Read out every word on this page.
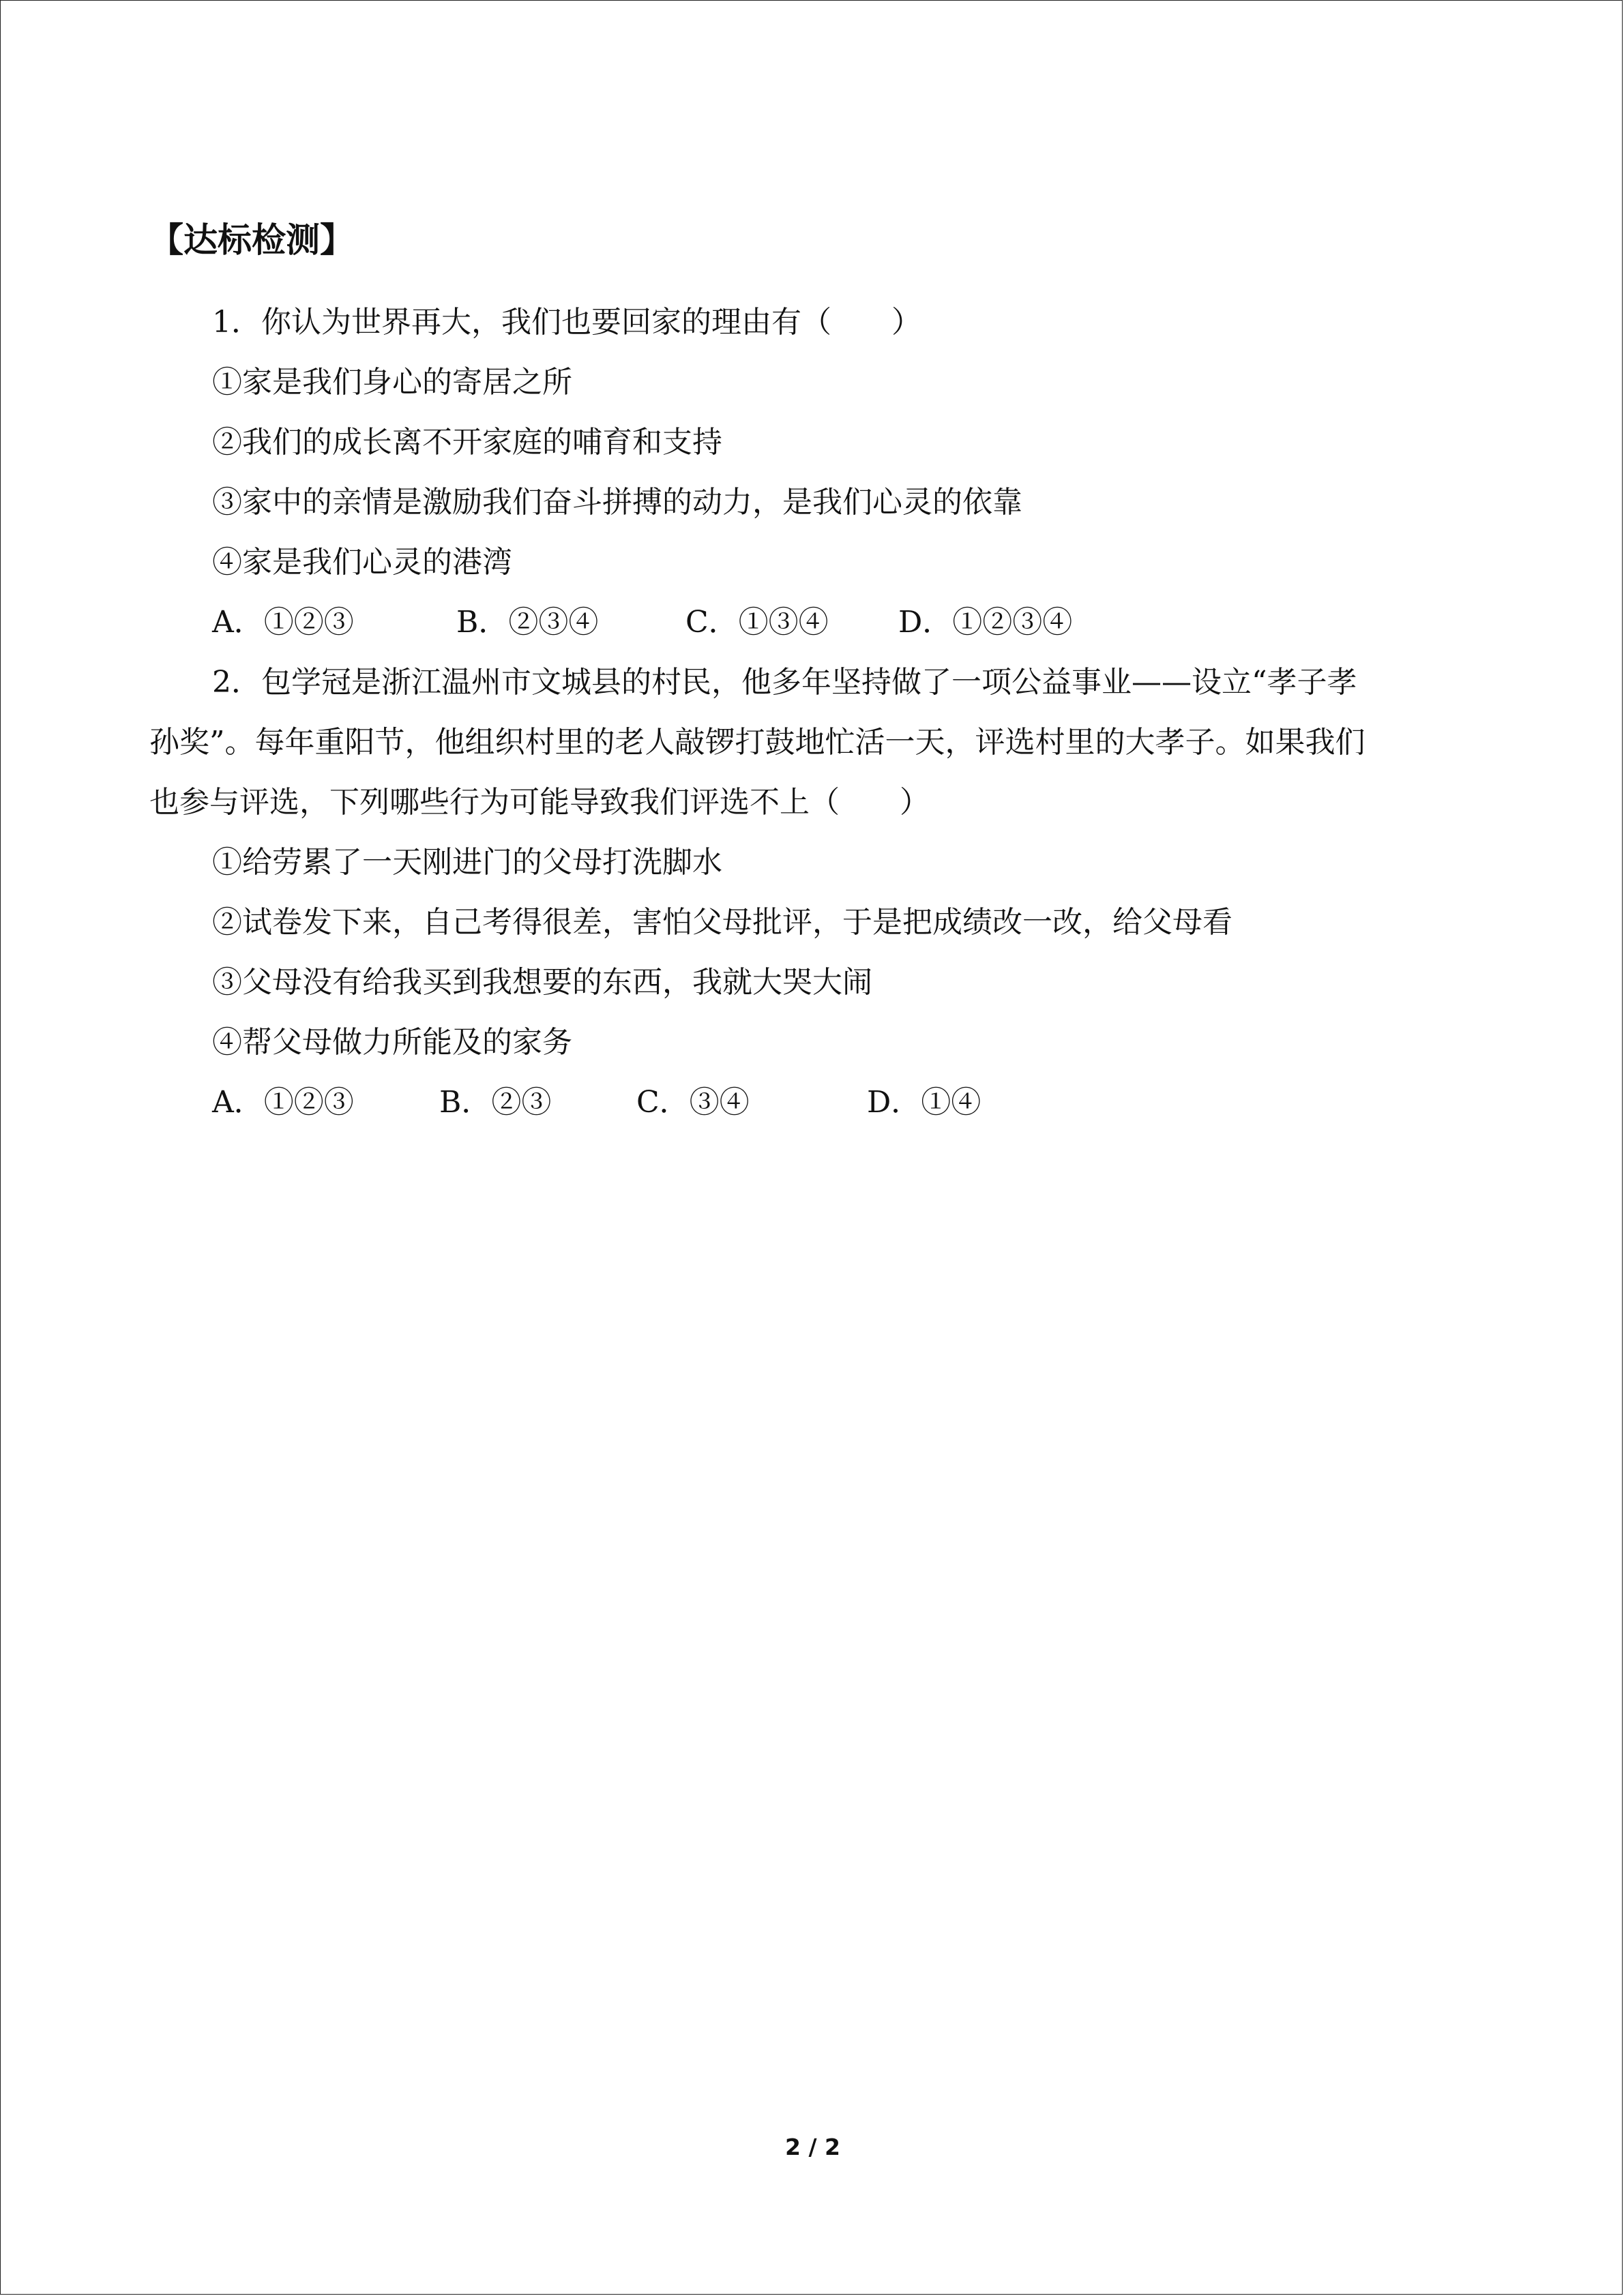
【达标检测】
1．你认为世界再大，我们也要回家的理由有（　　）
①家是我们身心的寄居之所
②我们的成长离不开家庭的哺育和支持
③家中的亲情是激励我们奋斗拼搏的动力，是我们心灵的依靠
④家是我们心灵的港湾
A．①②③	B．②③④	C．①③④ D．①②③④
2．包学冠是浙江温州市文城县的村民，他多年坚持做了一项公益事业——设立“孝子孝
孙奖”。每年重阳节，他组织村里的老人敲锣打鼓地忙活一天，评选村里的大孝子。如果我们
也参与评选，下列哪些行为可能导致我们评选不上（　　）
①给劳累了一天刚进门的父母打洗脚水
②试卷发下来，自己考得很差，害怕父母批评，于是把成绩改一改，给父母看
③父母没有给我买到我想要的东西，我就大哭大闹
④帮父母做力所能及的家务
A．①②③	B．②③	C．③④	D．①④
2 / 2
